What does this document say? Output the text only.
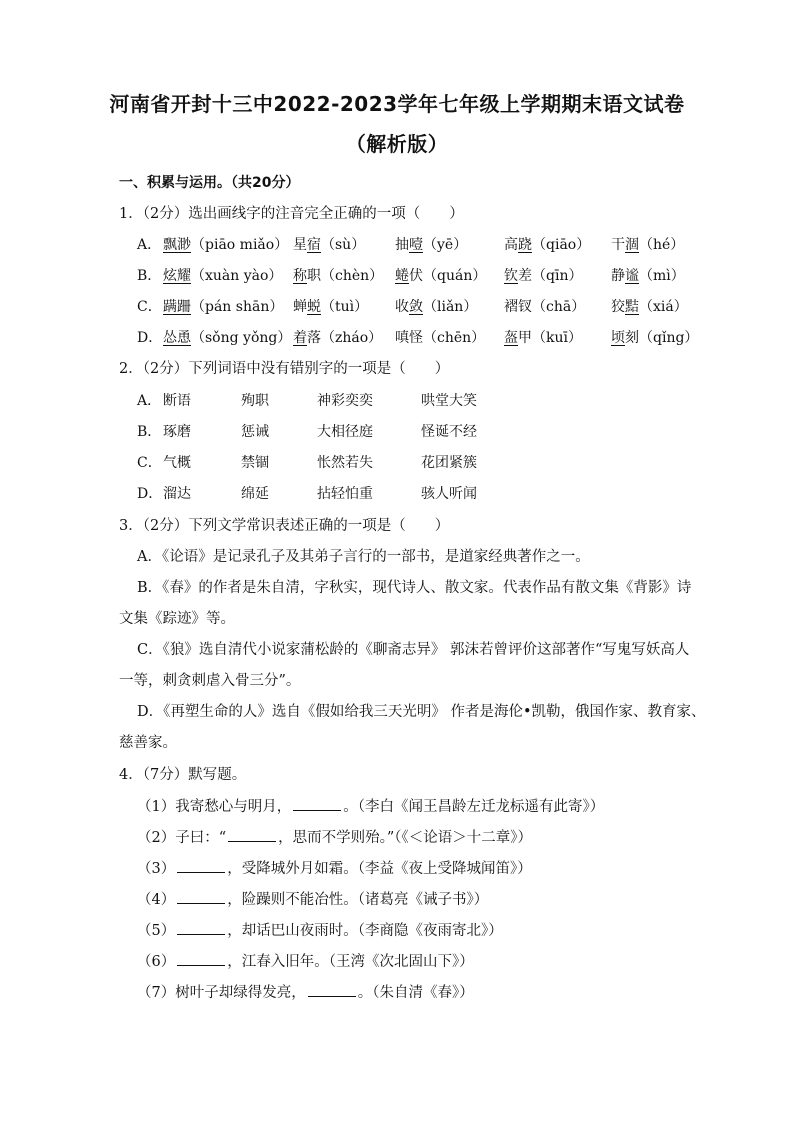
河南省开封十三中2022-2023学年七年级上学期期末语文试卷
（解析版）
一、积累与运用。（共20分）
1．（2分）选出画线字的注音完全正确的一项（　　）
A． 飘渺（piāo miǎo） 星宿（sù） 抽噎（yē）	高跷（qiāo） 干涸（hé）
B． 炫耀（xuàn yào） 称职（chèn） 蜷伏（quán） 钦差（qīn） 静谧（mì）
C． 蹒跚（pán shān） 蝉蜕（tuì） 收敛（liǎn） 褶钗（chā） 狡黠（xiá）
D． 怂恿（sǒng yǒng） 着落（zháo） 嗔怪（chēn） 盔甲（kuī） 顷刻（qǐng）
2．（2分）下列词语中没有错别字的一项是（　　）
A． 断语	殉职	神彩奕奕	哄堂大笑
B． 琢磨	惩诫	大相径庭	怪诞不经
C． 气概	禁锢	怅然若失	花团紧簇
D． 溜达	绵延	拈轻怕重	骇人听闻
3．（2分）下列文学常识表述正确的一项是（　　）
A．《论语》是记录孔子及其弟子言行的一部书，是道家经典著作之一。
B．《春》的作者是朱自清，字秋实，现代诗人、散文家。代表作品有散文集《背影》诗
文集《踪迹》等。
C．《狼》选自清代小说家蒲松龄的《聊斋志异》 郭沫若曾评价这部著作“写鬼写妖高人
一等，刺贪刺虐入骨三分”。
D．《再塑生命的人》选自《假如给我三天光明》 作者是海伦•凯勒，俄国作家、教育家、
慈善家。
4．（7分）默写题。
（1）我寄愁心与明月，	。（李白《闻王昌龄左迁龙标遥有此寄》）
（2）子曰：“	，思而不学则殆。”（《＜论语＞十二章》）
（3）	，受降城外月如霜。（李益《夜上受降城闻笛》）
（4）	，险躁则不能冶性。（诸葛亮《诫子书》）
（5）	，却话巴山夜雨时。（李商隐《夜雨寄北》）
（6）	，江春入旧年。（王湾《次北固山下》）
（7）树叶子却绿得发亮，	。（朱自清《春》）
